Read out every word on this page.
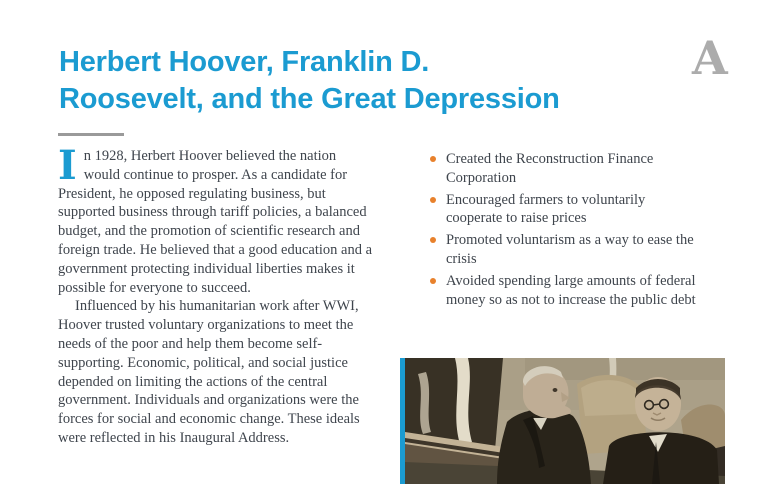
Herbert Hoover, Franklin D.
Roosevelt, and the Great Depression
A

In 1928, Herbert Hoover believed the nation would continue to prosper. As a candidate for President, he opposed regulating business, but supported business through tariff policies, a balanced budget, and the promotion of scientific research and foreign trade. He believed that a good education and a government protecting individual liberties makes it possible for everyone to succeed.

Influenced by his humanitarian work after WWI, Hoover trusted voluntary organizations to meet the needs of the poor and help them become self-supporting. Economic, political, and social justice depended on limiting the actions of the central government. Individuals and organizations were the forces for social and economic change. These ideals were reflected in his Inaugural Address.

Created the Reconstruction Finance Corporation
Encouraged farmers to voluntarily cooperate to raise prices
Promoted voluntarism as a way to ease the crisis
Avoided spending large amounts of federal money so as not to increase the public debt
